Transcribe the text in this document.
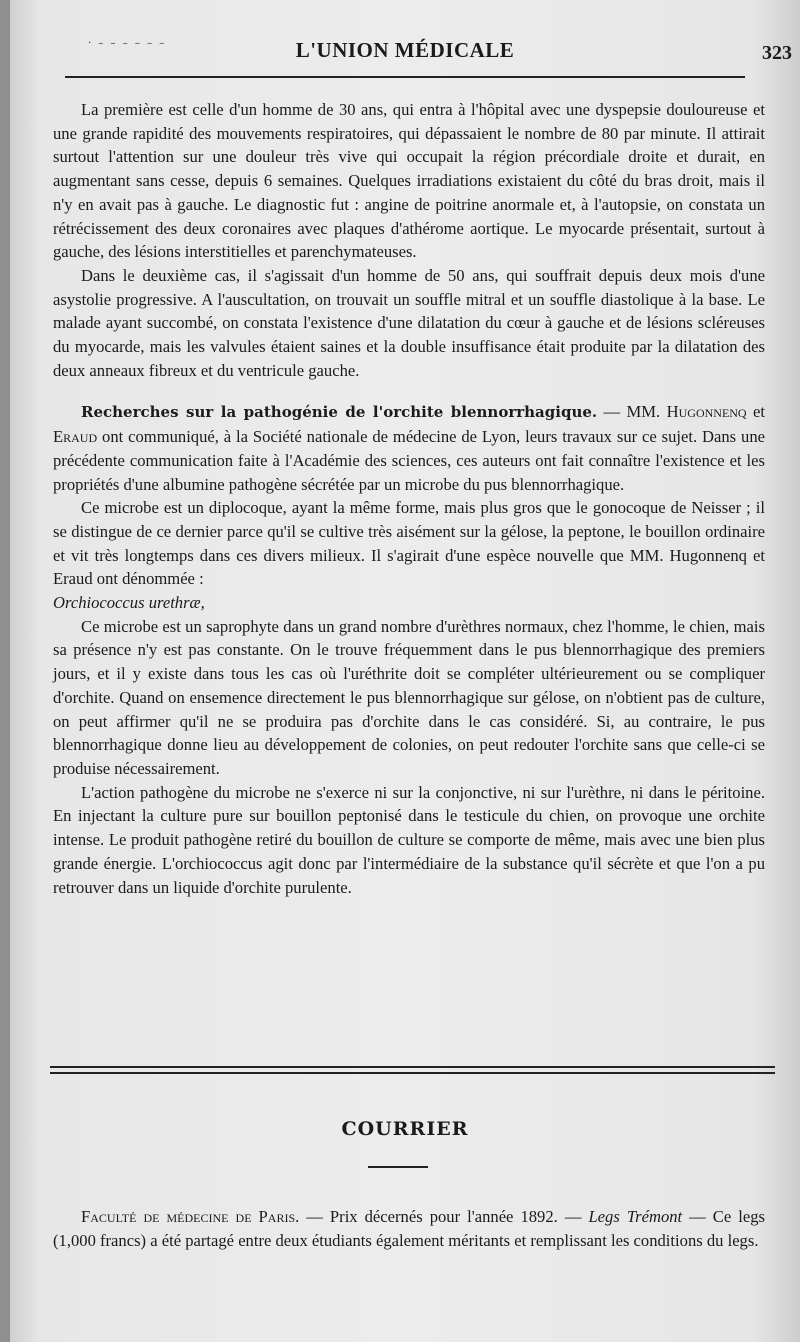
· – – – – – –	L'UNION MÉDICALE	323

La première est celle d'un homme de 30 ans, qui entra à l'hôpital avec une dyspepsie douloureuse et une grande rapidité des mouvements respiratoires, qui dépassaient le nombre de 80 par minute. Il attirait surtout l'attention sur une douleur très vive qui occupait la région précordiale droite et durait, en augmentant sans cesse, depuis 6 semaines. Quelques irradiations existaient du côté du bras droit, mais il n'y en avait pas à gauche. Le diagnostic fut : angine de poitrine anormale et, à l'autopsie, on constata un rétrécissement des deux coronaires avec plaques d'athérome aortique. Le myocarde présentait, surtout à gauche, des lésions interstitielles et parenchymateuses.

Dans le deuxième cas, il s'agissait d'un homme de 50 ans, qui souffrait depuis deux mois d'une asystolie progressive. A l'auscultation, on trouvait un souffle mitral et un souffle diastolique à la base. Le malade ayant succombé, on constata l'existence d'une dilatation du cœur à gauche et de lésions scléreuses du myocarde, mais les valvules étaient saines et la double insuffisance était produite par la dilatation des deux anneaux fibreux et du ventricule gauche.

Recherches sur la pathogénie de l'orchite blennorrhagique. — MM. Hugonnenq et Eraud ont communiqué, à la Société nationale de médecine de Lyon, leurs travaux sur ce sujet. Dans une précédente communication faite à l'Académie des sciences, ces auteurs ont fait connaître l'existence et les propriétés d'une albumine pathogène sécrétée par un microbe du pus blennorrhagique.

Ce microbe est un diplocoque, ayant la même forme, mais plus gros que le gonocoque de Neisser ; il se distingue de ce dernier parce qu'il se cultive très aisément sur la gélose, la peptone, le bouillon ordinaire et vit très longtemps dans ces divers milieux. Il s'agirait d'une espèce nouvelle que MM. Hugonnenq et Eraud ont dénommée :
Orchiococcus urethræ,

Ce microbe est un saprophyte dans un grand nombre d'urèthres normaux, chez l'homme, le chien, mais sa présence n'y est pas constante. On le trouve fréquemment dans le pus blennorrhagique des premiers jours, et il y existe dans tous les cas où l'uréthrite doit se compléter ultérieurement ou se compliquer d'orchite. Quand on ensemence directement le pus blennorrhagique sur gélose, on n'obtient pas de culture, on peut affirmer qu'il ne se produira pas d'orchite dans le cas considéré. Si, au contraire, le pus blennorrhagique donne lieu au développement de colonies, on peut redouter l'orchite sans que celle-ci se produise nécessairement.

L'action pathogène du microbe ne s'exerce ni sur la conjonctive, ni sur l'urèthre, ni dans le péritoine. En injectant la culture pure sur bouillon peptonisé dans le testicule du chien, on provoque une orchite intense. Le produit pathogène retiré du bouillon de culture se comporte de même, mais avec une bien plus grande énergie. L'orchiococcus agit donc par l'intermédiaire de la substance qu'il sécrète et que l'on a pu retrouver dans un liquide d'orchite purulente.

COURRIER

Faculté de médecine de Paris. — Prix décernés pour l'année 1892. — Legs Trémont — Ce legs (1,000 francs) a été partagé entre deux étudiants également méritants et remplissant les conditions du legs.
